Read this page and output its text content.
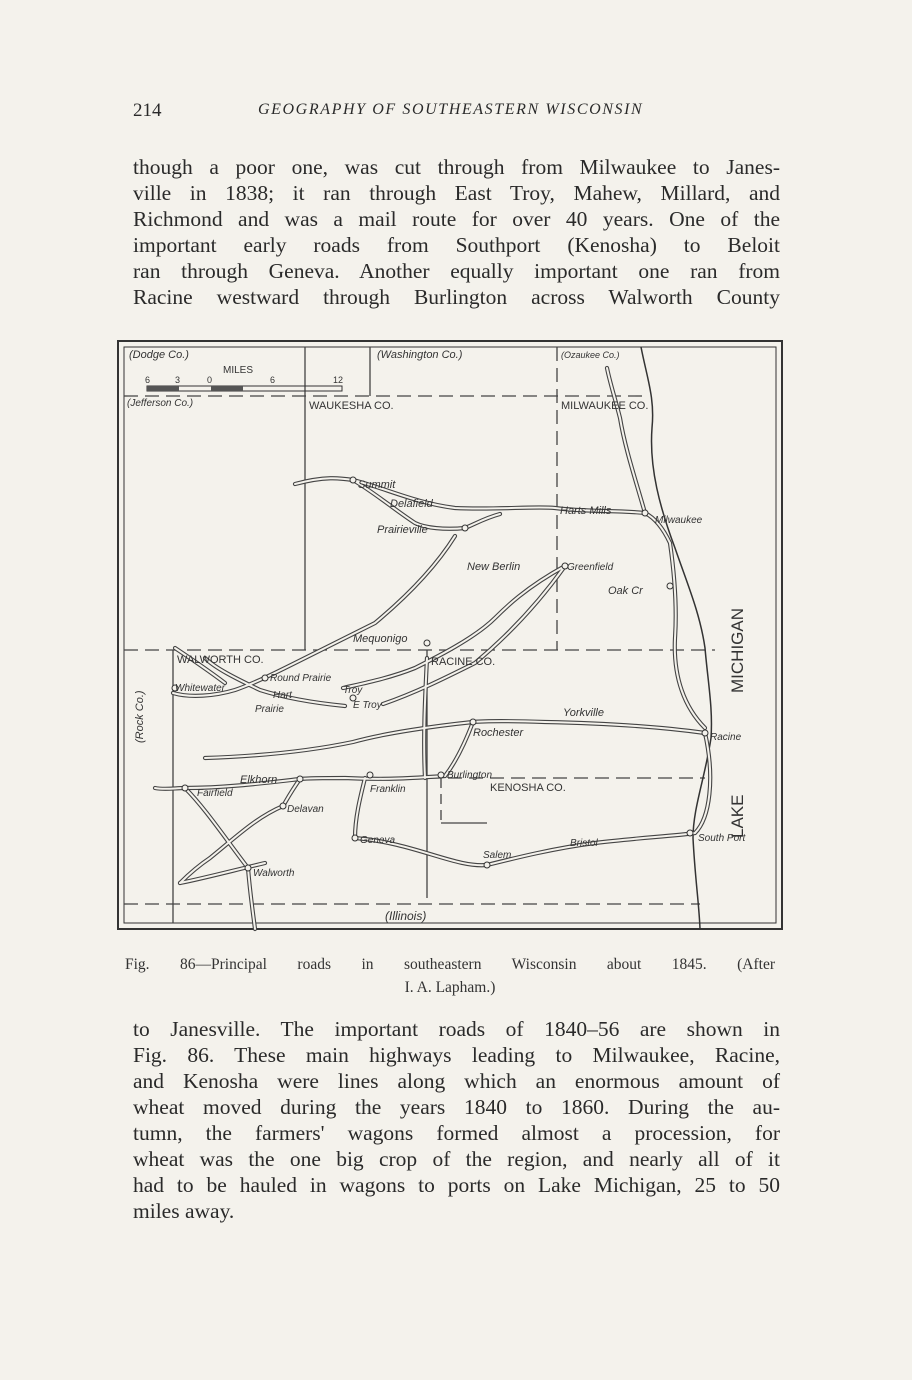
214	GEOGRAPHY OF SOUTHEASTERN WISCONSIN

though a poor one, was cut through from Milwaukee to Janes-
ville in 1838; it ran through East Troy, Mahew, Millard, and
Richmond and was a mail route for over 40 years. One of the
important early roads from Southport (Kenosha) to Beloit
ran through Geneva. Another equally important one ran from
Racine westward through Burlington across Walworth County

MILES
6	3	0	6	12
(Dodge Co.)	(Washington Co.)	(Ozaukee Co.)
(Jefferson Co.)	WAUKESHA CO.	MILWAUKEE CO.
WALWORTH CO.	RACINE CO.
KENOSHA CO.
(Rock Co.)
(Illinois)
MICHIGAN
LAKE
Summit
Delafield
Prairieville
Harts Mills
Milwaukee
New Berlin	Greenfield
Oak Cr
Mequonigo
Round Prairie
Whitewater	Troy
E Troy
Hart
Prairie	Yorkville
Racine
Rochester
Elkhorn
Fairfield	Franklin
Burlington
Delavan
Geneva
Salem
Bristol	South Port
Walworth
Fig. 86—Principal roads in southeastern Wisconsin about 1845. (After
I. A. Lapham.)

to Janesville. The important roads of 1840–56 are shown in
Fig. 86. These main highways leading to Milwaukee, Racine,
and Kenosha were lines along which an enormous amount of
wheat moved during the years 1840 to 1860. During the au-
tumn, the farmers' wagons formed almost a procession, for
wheat was the one big crop of the region, and nearly all of it
had to be hauled in wagons to ports on Lake Michigan, 25 to 50
miles away.
